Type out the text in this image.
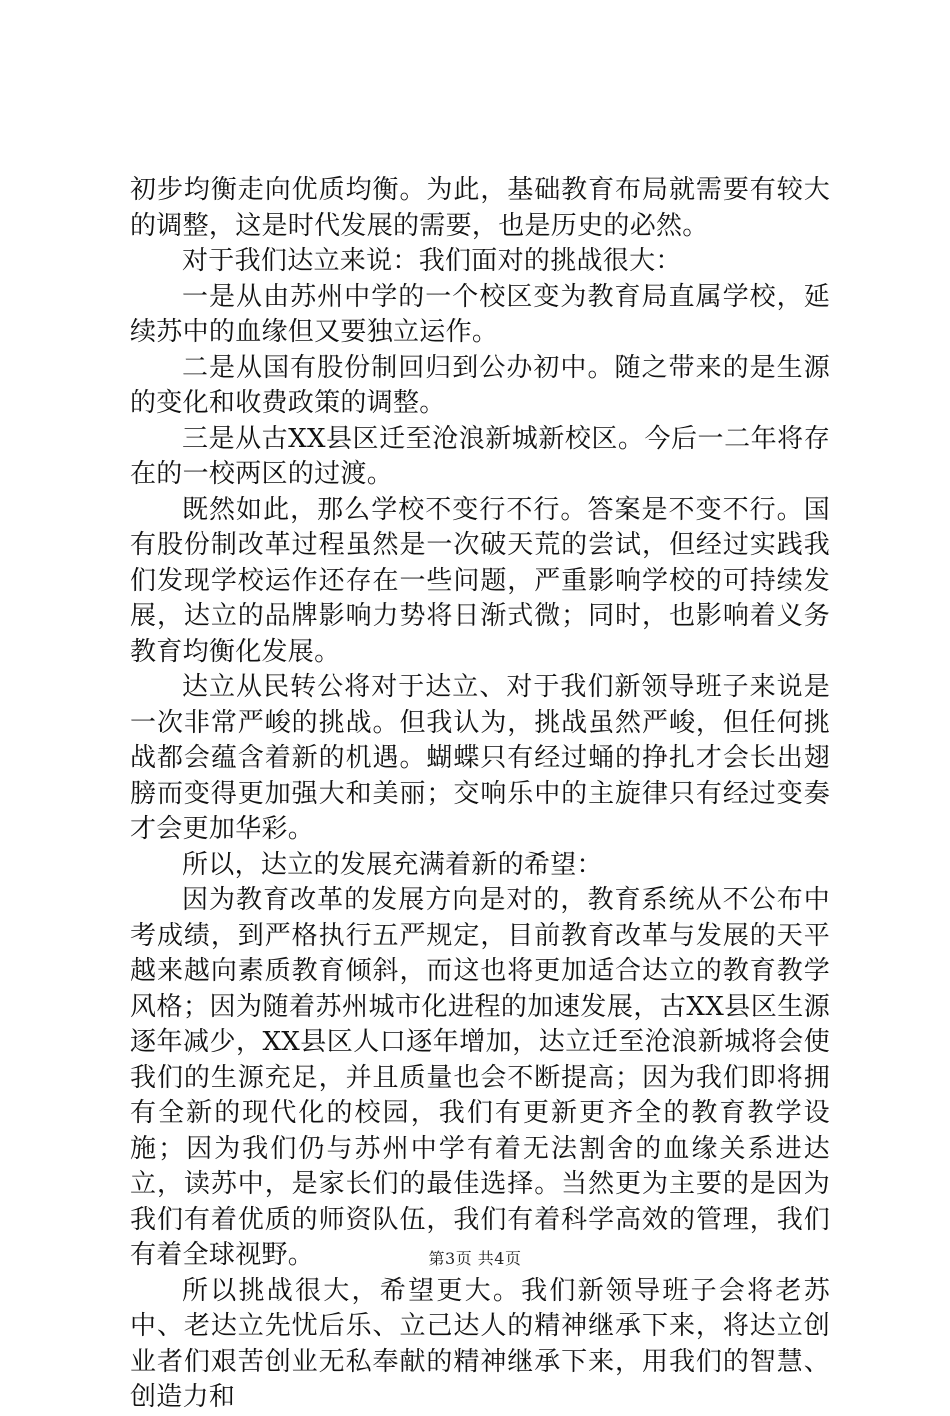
初步均衡走向优质均衡。为此，基础教育布局就需要有较大的调整，这是时代发展的需要，也是历史的必然。

对于我们达立来说：我们面对的挑战很大：

一是从由苏州中学的一个校区变为教育局直属学校，延续苏中的血缘但又要独立运作。

二是从国有股份制回归到公办初中。随之带来的是生源的变化和收费政策的调整。

三是从古XX县区迁至沧浪新城新校区。今后一二年将存在的一校两区的过渡。

既然如此，那么学校不变行不行。答案是不变不行。国有股份制改革过程虽然是一次破天荒的尝试，但经过实践我们发现学校运作还存在一些问题，严重影响学校的可持续发展，达立的品牌影响力势将日渐式微；同时，也影响着义务教育均衡化发展。

达立从民转公将对于达立、对于我们新领导班子来说是一次非常严峻的挑战。但我认为，挑战虽然严峻，但任何挑战都会蕴含着新的机遇。蝴蝶只有经过蛹的挣扎才会长出翅膀而变得更加强大和美丽；交响乐中的主旋律只有经过变奏才会更加华彩。

所以，达立的发展充满着新的希望：

因为教育改革的发展方向是对的，教育系统从不公布中考成绩，到严格执行五严规定，目前教育改革与发展的天平越来越向素质教育倾斜，而这也将更加适合达立的教育教学风格；因为随着苏州城市化进程的加速发展，古XX县区生源逐年减少，XX县区人口逐年增加，达立迁至沧浪新城将会使我们的生源充足，并且质量也会不断提高；因为我们即将拥有全新的现代化的校园，我们有更新更齐全的教育教学设施；因为我们仍与苏州中学有着无法割舍的血缘关系进达立，读苏中，是家长们的最佳选择。当然更为主要的是因为我们有着优质的师资队伍，我们有着科学高效的管理，我们有着全球视野。

所以挑战很大，希望更大。我们新领导班子会将老苏中、老达立先忧后乐、立己达人的精神继承下来，将达立创业者们艰苦创业无私奉献的精神继承下来，用我们的智慧、创造力和

第3页 共4页
